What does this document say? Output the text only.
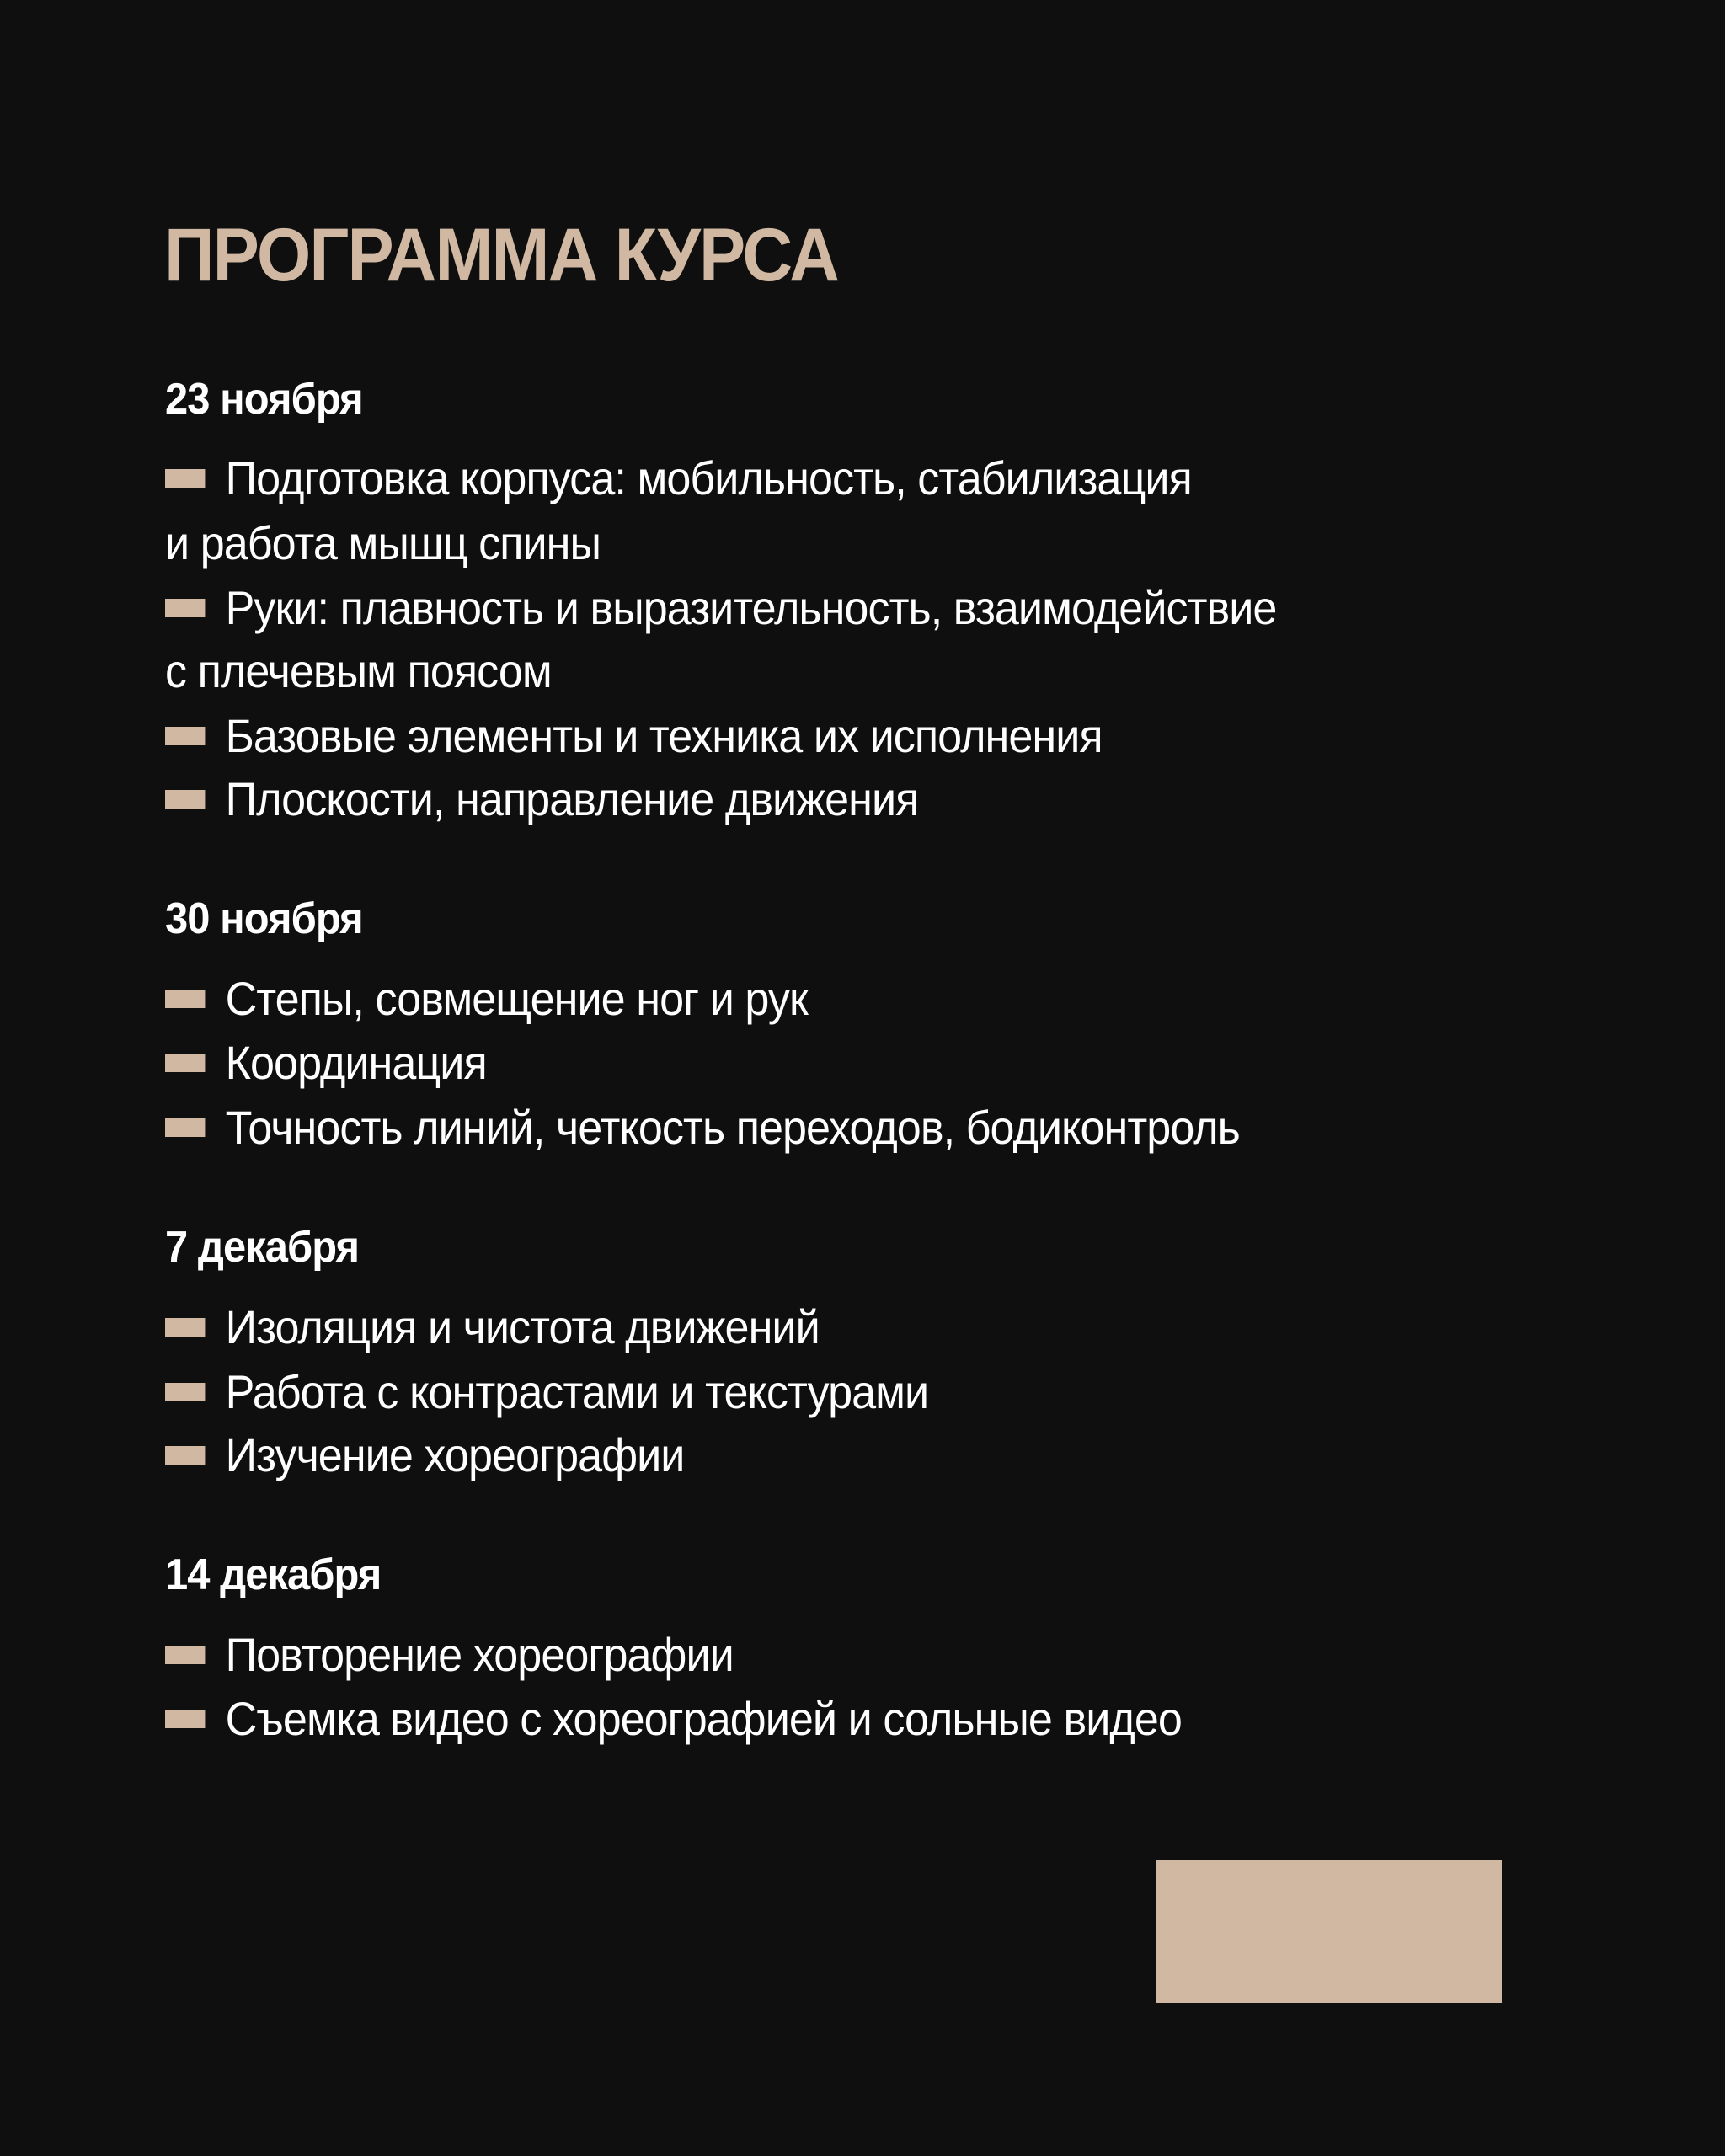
ПРОГРАММА КУРСА
23 ноября
Подготовка корпуса: мобильность, стабилизация
и работа мышц спины
Руки: плавность и выразительность, взаимодействие
с плечевым поясом
Базовые элементы и техника их исполнения
Плоскости, направление движения
30 ноября
Степы, совмещение ног и рук
Координация
Точность линий, четкость переходов, бодиконтроль
7 декабря
Изоляция и чистота движений
Работа с контрастами и текстурами
Изучение хореографии
14 декабря
Повторение хореографии
Съемка видео с хореографией и сольные видео
